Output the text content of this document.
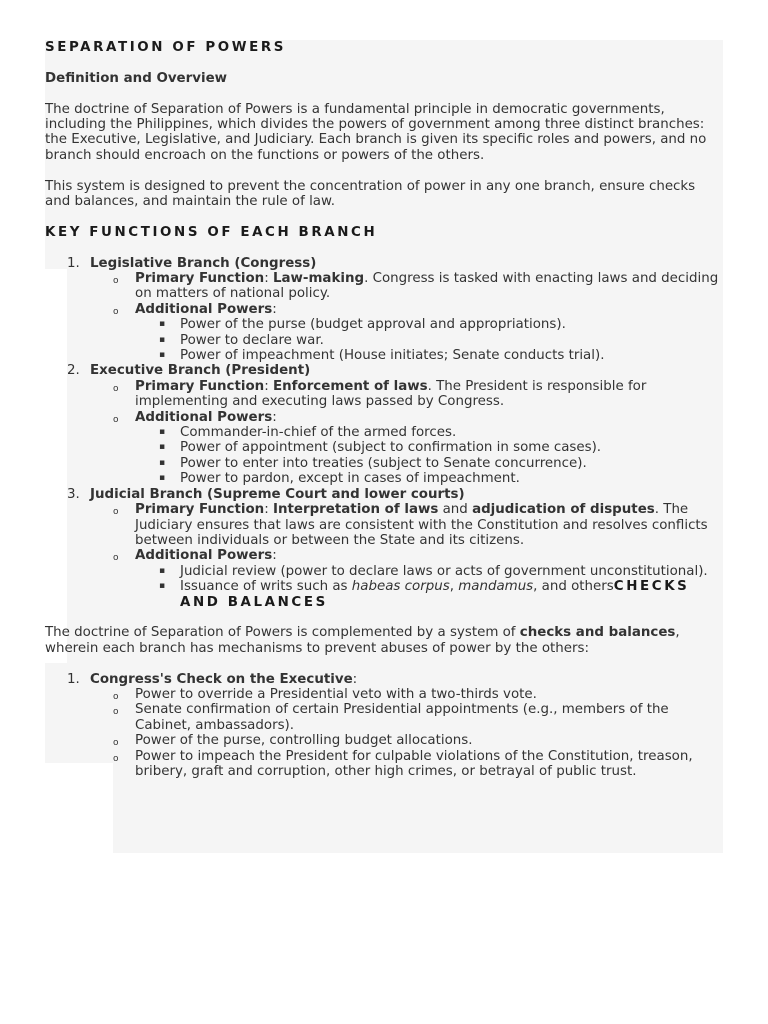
SEPARATION OF POWERS
Definition and Overview

The doctrine of Separation of Powers is a fundamental principle in democratic governments, including the Philippines, which divides the powers of government among three distinct branches: the Executive, Legislative, and Judiciary. Each branch is given its specific roles and powers, and no branch should encroach on the functions or powers of the others.

This system is designed to prevent the concentration of power in any one branch, ensure checks and balances, and maintain the rule of law.

KEY FUNCTIONS OF EACH BRANCH
1. Legislative Branch (Congress)
o Primary Function: Law-making. Congress is tasked with enacting laws and deciding on matters of national policy.
o Additional Powers:
▪ Power of the purse (budget approval and appropriations).
▪ Power to declare war.
▪ Power of impeachment (House initiates; Senate conducts trial).
2. Executive Branch (President)
o Primary Function: Enforcement of laws. The President is responsible for implementing and executing laws passed by Congress.
o Additional Powers:
▪ Commander-in-chief of the armed forces.
▪ Power of appointment (subject to confirmation in some cases).
▪ Power to enter into treaties (subject to Senate concurrence).
▪ Power to pardon, except in cases of impeachment.
3. Judicial Branch (Supreme Court and lower courts)
o Primary Function: Interpretation of laws and adjudication of disputes. The Judiciary ensures that laws are consistent with the Constitution and resolves conflicts between individuals or between the State and its citizens.
o Additional Powers:
▪ Judicial review (power to declare laws or acts of government unconstitutional).
▪ Issuance of writs such as habeas corpus, mandamus, and othersCHECKS AND BALANCES

The doctrine of Separation of Powers is complemented by a system of checks and balances, wherein each branch has mechanisms to prevent abuses of power by the others:

1. Congress's Check on the Executive:
o Power to override a Presidential veto with a two-thirds vote.
o Senate confirmation of certain Presidential appointments (e.g., members of the Cabinet, ambassadors).
o Power of the purse, controlling budget allocations.
o Power to impeach the President for culpable violations of the Constitution, treason, bribery, graft and corruption, other high crimes, or betrayal of public trust.
